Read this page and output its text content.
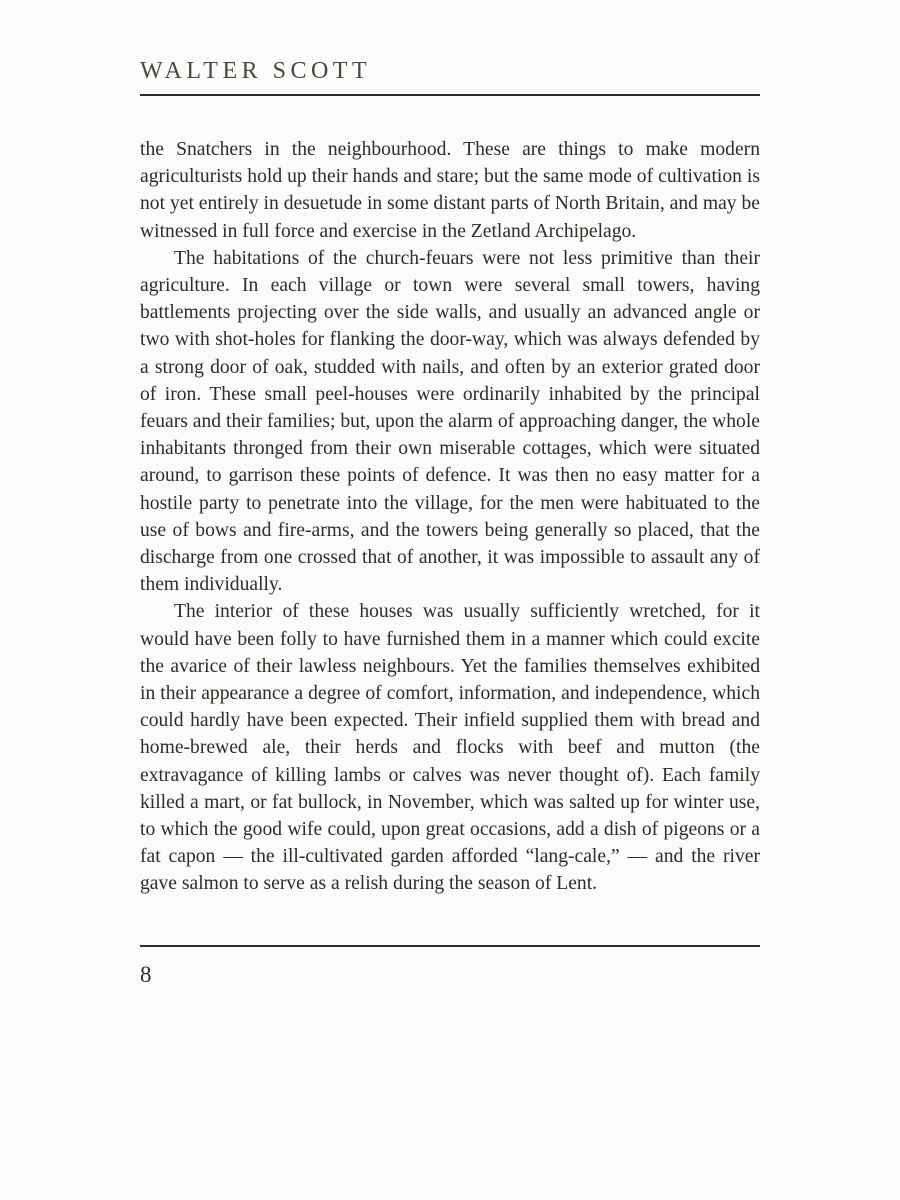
WALTER SCOTT

the Snatchers in the neighbourhood. These are things to make modern agriculturists hold up their hands and stare; but the same mode of cultivation is not yet entirely in desuetude in some distant parts of North Britain, and may be witnessed in full force and exercise in the Zetland Archipelago.

The habitations of the church-feuars were not less primitive than their agriculture. In each village or town were several small towers, having battlements projecting over the side walls, and usually an advanced angle or two with shot-holes for flanking the door-way, which was always defended by a strong door of oak, studded with nails, and often by an exterior grated door of iron. These small peel-houses were ordinarily inhabited by the principal feuars and their families; but, upon the alarm of approaching danger, the whole inhabitants thronged from their own miserable cottages, which were situated around, to garrison these points of defence. It was then no easy matter for a hostile party to penetrate into the village, for the men were habituated to the use of bows and fire-arms, and the towers being generally so placed, that the discharge from one crossed that of another, it was impossible to assault any of them individually.

The interior of these houses was usually sufficiently wretched, for it would have been folly to have furnished them in a manner which could excite the avarice of their lawless neighbours. Yet the families themselves exhibited in their appearance a degree of comfort, information, and independence, which could hardly have been expected. Their infield supplied them with bread and home-brewed ale, their herds and flocks with beef and mutton (the extravagance of killing lambs or calves was never thought of). Each family killed a mart, or fat bullock, in November, which was salted up for winter use, to which the good wife could, upon great occasions, add a dish of pigeons or a fat capon — the ill-cultivated garden afforded “lang-cale,” — and the river gave salmon to serve as a relish during the season of Lent.

8
